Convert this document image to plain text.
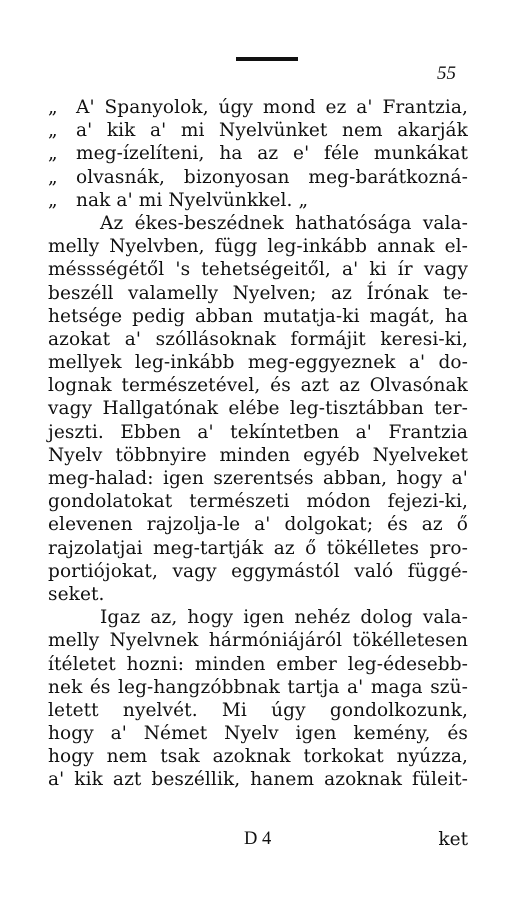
55
„ A' Spanyolok, úgy mond ez a' Frantzia,
„ a' kik a' mi Nyelvünket nem akarják
„ meg-ízelíteni, ha az e' féle munkákat
„ olvasnák, bizonyosan meg-barátkozná-
„ nak a' mi Nyelvünkkel. „
Az ékes-beszédnek hathatósága vala-
melly Nyelvben, függ leg-inkább annak el-
méssségétől 's tehetségeitől, a' ki ír vagy
beszéll valamelly Nyelven; az Írónak te-
hetsége pedig abban mutatja-ki magát, ha
azokat a' szóllásoknak formájit keresi-ki,
mellyek leg-inkább meg-eggyeznek a' do-
lognak természetével, és azt az Olvasónak
vagy Hallgatónak elébe leg-tisztábban ter-
jeszti. Ebben a' tekíntetben a' Frantzia
Nyelv többnyire minden egyéb Nyelveket
meg-halad: igen szerentsés abban, hogy a'
gondolatokat természeti módon fejezi-ki,
elevenen rajzolja-le a' dolgokat; és az ő
rajzolatjai meg-tartják az ő tökélletes pro-
portiójokat, vagy eggymástól való függé-
seket.
Igaz az, hogy igen nehéz dolog vala-
melly Nyelvnek hármóniájáról tökélletesen
ítéletet hozni: minden ember leg-édesebb-
nek és leg-hangzóbbnak tartja a' maga szü-
letett nyelvét. Mi úgy gondolkozunk,
hogy a' Német Nyelv igen kemény, és
hogy nem tsak azoknak torkokat nyúzza,
a' kik azt beszéllik, hanem azoknak füleit-
D 4	ket
